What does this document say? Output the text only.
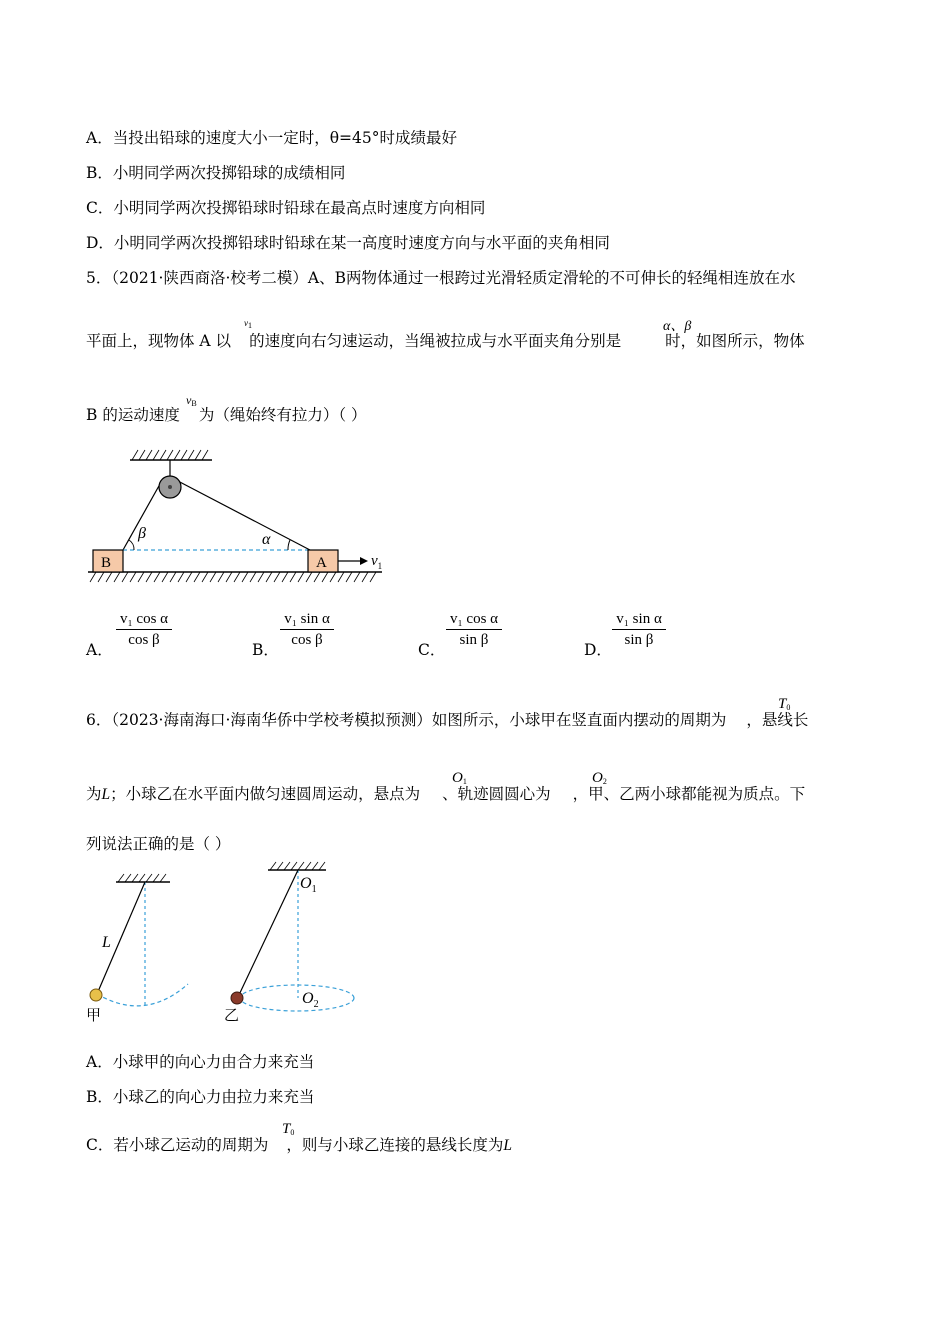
A．当投出铅球的速度大小一定时，θ=45°时成绩最好
B．小明同学两次投掷铅球的成绩相同
C．小明同学两次投掷铅球时铅球在最高点时速度方向相同
D．小明同学两次投掷铅球时铅球在某一高度时速度方向与水平面的夹角相同
5．（2021·陕西商洛·校考二模）A、B两物体通过一根跨过光滑轻质定滑轮的不可伸长的轻绳相连放在水
平面上，现物体 A 以 的速度向右匀速运动，当绳被拉成与水平面夹角分别是	时，如图所示，物体
v1	α、β
B 的运动速度 为（绳始终有拉力）（ ）
$v_B$
β	α
B	A	$v_1$
A．
$\frac{\text{v₁ cos α}}{\text{cos β}}$
B．
$\frac{\text{v₁ sin α}}{\text{cos β}}$
C．
$\frac{\text{v₁ cos α}}{\text{sin β}}$
D．
$\frac{\text{v₁ sin α}}{\text{sin β}}$
6．（2023·海南海口·海南华侨中学校考模拟预测）如图所示，小球甲在竖直面内摆动的周期为 ，悬线长
$T_0$
为L；小球乙在水平面内做匀速圆周运动，悬点为 、轨迹圆圆心为 ，甲、乙两小球都能视为质点。下
$O_1$	$O_2$
列说法正确的是（ ）
L
甲
$O_1$
$O_2$
乙
A．小球甲的向心力由合力来充当
B．小球乙的向心力由拉力来充当
C．若小球乙运动的周期为 ，则与小球乙连接的悬线长度为L
$T_0$
